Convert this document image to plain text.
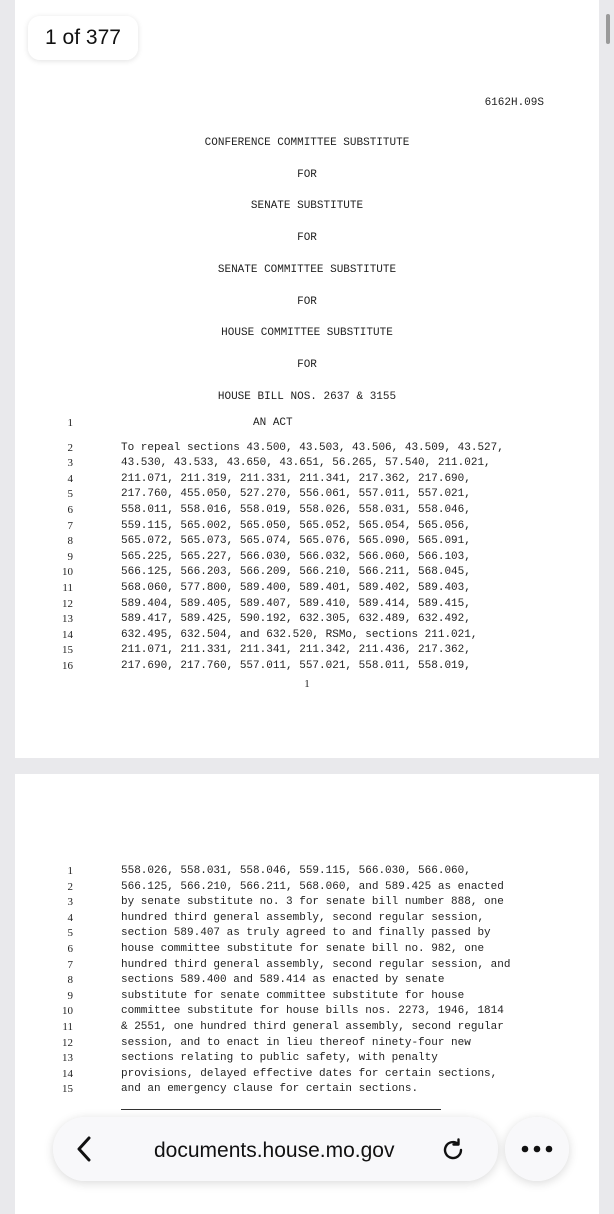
6162H.09S
CONFERENCE COMMITTEE SUBSTITUTE
FOR
SENATE SUBSTITUTE
FOR
SENATE COMMITTEE SUBSTITUTE
FOR
HOUSE COMMITTEE SUBSTITUTE
FOR
HOUSE BILL NOS. 2637 & 3155
1	AN ACT
2	To repeal sections 43.500, 43.503, 43.506, 43.509, 43.527,
3	43.530, 43.533, 43.650, 43.651, 56.265, 57.540, 211.021,
4	211.071, 211.319, 211.331, 211.341, 217.362, 217.690,
5	217.760, 455.050, 527.270, 556.061, 557.011, 557.021,
6	558.011, 558.016, 558.019, 558.026, 558.031, 558.046,
7	559.115, 565.002, 565.050, 565.052, 565.054, 565.056,
8	565.072, 565.073, 565.074, 565.076, 565.090, 565.091,
9	565.225, 565.227, 566.030, 566.032, 566.060, 566.103,
10	566.125, 566.203, 566.209, 566.210, 566.211, 568.045,
11	568.060, 577.800, 589.400, 589.401, 589.402, 589.403,
12	589.404, 589.405, 589.407, 589.410, 589.414, 589.415,
13	589.417, 589.425, 590.192, 632.305, 632.489, 632.492,
14	632.495, 632.504, and 632.520, RSMo, sections 211.021,
15	211.071, 211.331, 211.341, 211.342, 211.436, 217.362,
16	217.690, 217.760, 557.011, 557.021, 558.011, 558.019,
1
1	558.026, 558.031, 558.046, 559.115, 566.030, 566.060,
2	566.125, 566.210, 566.211, 568.060, and 589.425 as enacted
3	by senate substitute no. 3 for senate bill number 888, one
4	hundred third general assembly, second regular session,
5	section 589.407 as truly agreed to and finally passed by
6	house committee substitute for senate bill no. 982, one
7	hundred third general assembly, second regular session, and
8	sections 589.400 and 589.414 as enacted by senate
9	substitute for senate committee substitute for house
10	committee substitute for house bills nos. 2273, 1946, 1814
11	& 2551, one hundred third general assembly, second regular
12	session, and to enact in lieu thereof ninety-four new
13	sections relating to public safety, with penalty
14	provisions, delayed effective dates for certain sections,
15	and an emergency clause for certain sections.
1 of 377
documents.house.mo.gov
